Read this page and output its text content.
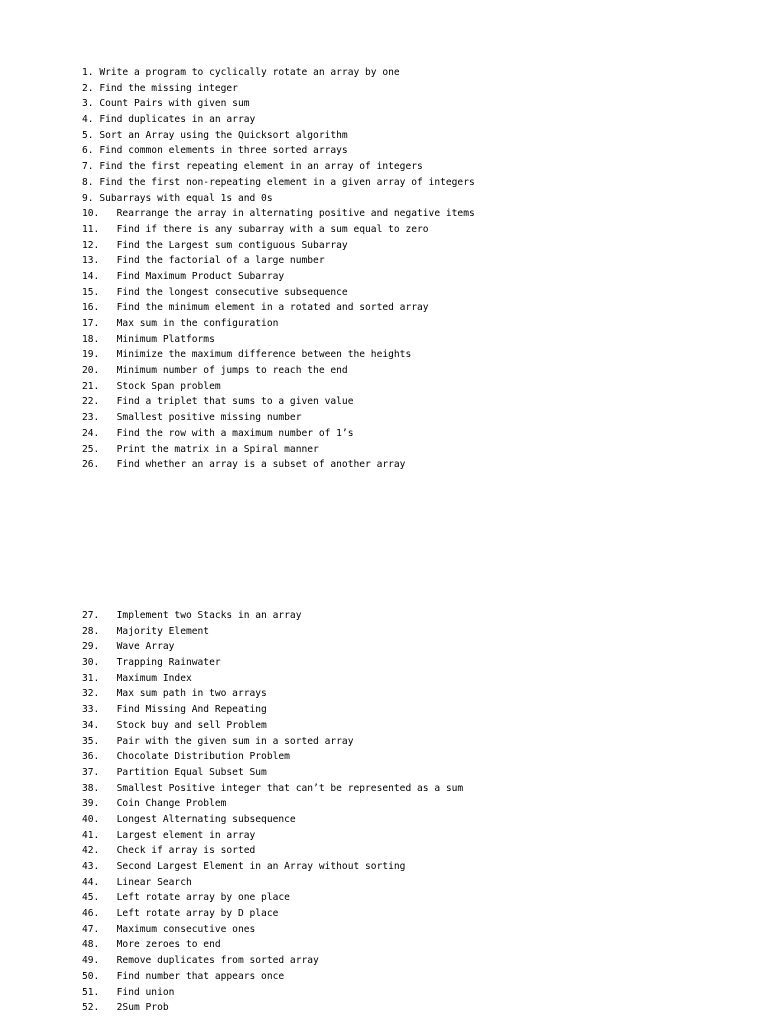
1. Write a program to cyclically rotate an array by one
2. Find the missing integer
3. Count Pairs with given sum
4. Find duplicates in an array
5. Sort an Array using the Quicksort algorithm
6. Find common elements in three sorted arrays
7. Find the first repeating element in an array of integers
8. Find the first non-repeating element in a given array of integers
9. Subarrays with equal 1s and 0s
10.   Rearrange the array in alternating positive and negative items
11.   Find if there is any subarray with a sum equal to zero
12.   Find the Largest sum contiguous Subarray
13.   Find the factorial of a large number
14.   Find Maximum Product Subarray
15.   Find the longest consecutive subsequence
16.   Find the minimum element in a rotated and sorted array
17.   Max sum in the configuration
18.   Minimum Platforms
19.   Minimize the maximum difference between the heights
20.   Minimum number of jumps to reach the end
21.   Stock Span problem
22.   Find a triplet that sums to a given value
23.   Smallest positive missing number
24.   Find the row with a maximum number of 1’s
25.   Print the matrix in a Spiral manner
26.   Find whether an array is a subset of another array
27.   Implement two Stacks in an array
28.   Majority Element
29.   Wave Array
30.   Trapping Rainwater
31.   Maximum Index
32.   Max sum path in two arrays
33.   Find Missing And Repeating
34.   Stock buy and sell Problem
35.   Pair with the given sum in a sorted array
36.   Chocolate Distribution Problem
37.   Partition Equal Subset Sum
38.   Smallest Positive integer that can’t be represented as a sum
39.   Coin Change Problem
40.   Longest Alternating subsequence
41.   Largest element in array
42.   Check if array is sorted
43.   Second Largest Element in an Array without sorting
44.   Linear Search
45.   Left rotate array by one place
46.   Left rotate array by D place
47.   Maximum consecutive ones
48.   More zeroes to end
49.   Remove duplicates from sorted array
50.   Find number that appears once
51.   Find union
52.   2Sum Prob
